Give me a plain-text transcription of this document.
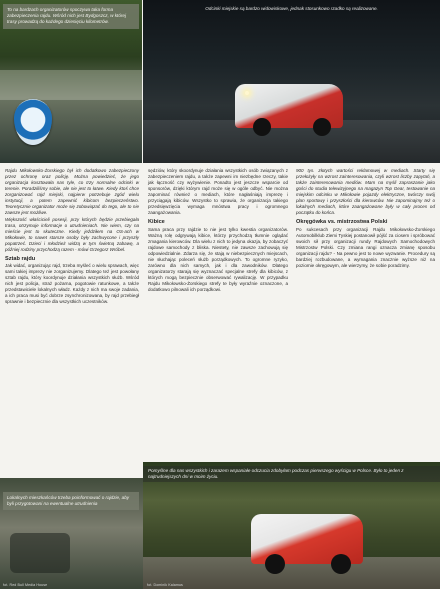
To na bardzach organizatorów spoczywa taka forma zabezpieczenia rajdu. Wśród nich jest Bydgoszcz, w której trasy prowadzą do każdego dziesięciu kilometrów.
Odcinki miejskie są bardzo widowiskowe, jednak stosunkowo rzadko są realizowane.

Rajdu Mikołowsko-Żorskiego był ich dodatkowo zabezpieczony przez ochronę oraz policję. Można powiedzieć, że jego organizacja kosztowała nas tyle, co trzy normalne odcinki w terenie. Poradziliśmy sobie, ale nie jest to łatwe. Kiedy ktoś chce zorganizować rajd miejski, najpierw potrzebuje zgód wielu instytucji, a potem zapewnić kibicom bezpieczeństwo. Teoretycznie organizator może się zobowiązać do tego, ale to nie zawsze jest możliwe.

Większość właścicieli posesji, przy których będzie przebiegała trasa, otrzymuje informacje o utrudnieniach. Nie wiem, czy na mieście jest to skuteczne. Kiedy jeździłem na OS-ach w Mikołowie, to nawet starsze osoby były zachwycone i przyszły popatrzeć. Dzieci i młodzież widzą w tym świetną zabawę, a później rodziny przychodzą razem - mówi Grzegorz Wróbel.

Sztab rajdu

Jak widać, organizując rajd, trzeba myśleć o wielu sprawach, więc sami takiej imprezy nie zorganizujemy. Dlatego też jest powołany sztab rajdu, który koordynuje działania wszystkich służb. Wśród nich jest policja, straż pożarna, pogotowie ratunkowe, a także przedstawiciele lokalnych władz. Każdy z nich ma swoje zadania, a ich praca musi być dobrze zsynchronizowana, by rajd przebiegł sprawnie i bezpiecznie dla wszystkich uczestników.

sędziów, który skoordynuje działania wszystkich osób związanych z zabezpieczeniem rajdu, a także zapewni im niezbędne rzeczy, takie jak łączność czy wyżywienie. Ponadto jest jeszcze wsparcie od sponsorów, dzięki którym rajd może się w ogóle odbyć. Nie można zapominać również o mediach, które nagłaśniają imprezę i przyciągają kibiców. Wszystko to sprawia, że organizacja takiego przedsięwzięcia wymaga mnóstwa pracy i ogromnego zaangażowania.

Kibice

Sama praca przy rajdzie to nie jest tylko kwestia organizatorów. Ważną rolę odgrywają kibice, którzy przychodzą tłumnie oglądać zmagania kierowców. Dla wielu z nich to jedyna okazja, by zobaczyć rajdowe samochody z bliska. Niestety, nie zawsze zachowują się odpowiedzialnie. Zdarza się, że stają w niebezpiecznych miejscach, nie słuchając poleceń służb porządkowych. To ogromne ryzyko, zarówno dla nich samych, jak i dla zawodników. Dlatego organizatorzy starają się wyznaczać specjalne strefy dla kibiców, z których mogą bezpiecznie obserwować rywalizację. W przypadku Rajdu Mikołowsko-Żorskiego strefy te były wyraźnie oznaczone, a dodatkowo pilnowali ich porządkowi.

900 tys. złotych wartości reklamowej w mediach. Starty się przełożyły na wzrost zainteresowania, czyli wzrost liczby zapytań, a także zainteresowania mediów. Mam na myśli zapraszanie jako gości do studia telewizyjnego na magazyn Top Gear, testowanie na miejskim odcinku w Mikołowie pojazdy elektryczne, twórczy swój plan sportowy i przyszłości dla kierowców. Nie zapominajmy też o lokalnych mediach, które zaangażowane były w cały proces od początku do końca.

Okręgówka vs. mistrzostwa Polski

Po sukcesach przy organizacji Rajdu Mikołowsko-Żorskiego Automobilklub Ziemi Tyskiej postanowił pójść za ciosem i spróbować swoich sił przy organizacji rundy Rajdowych Samochodowych Mistrzostw Polski. Czy zmiana rangi oznacza zmianę sposobu organizacji rajdu? - Na pewno jest to nowe wyzwanie. Procedury są bardziej rozbudowane, a wymagania znacznie wyższe niż na poziomie okręgowym, ale wierzymy, że sobie poradzimy.

Lokalnych mieszkańców trzeba poinformować o rajdzie, aby byli przygotowani na ewentualne utrudnienia
fot. Red Bull Media House
Pomyślne dla nas wszystkich i zarazem wspaniałe odczucia zdobyłam podczas pierwszego wyścigu w Polsce. Było to jeden z najtrudniejszych dni w moim życiu.
fot. Dominik Kalamus
